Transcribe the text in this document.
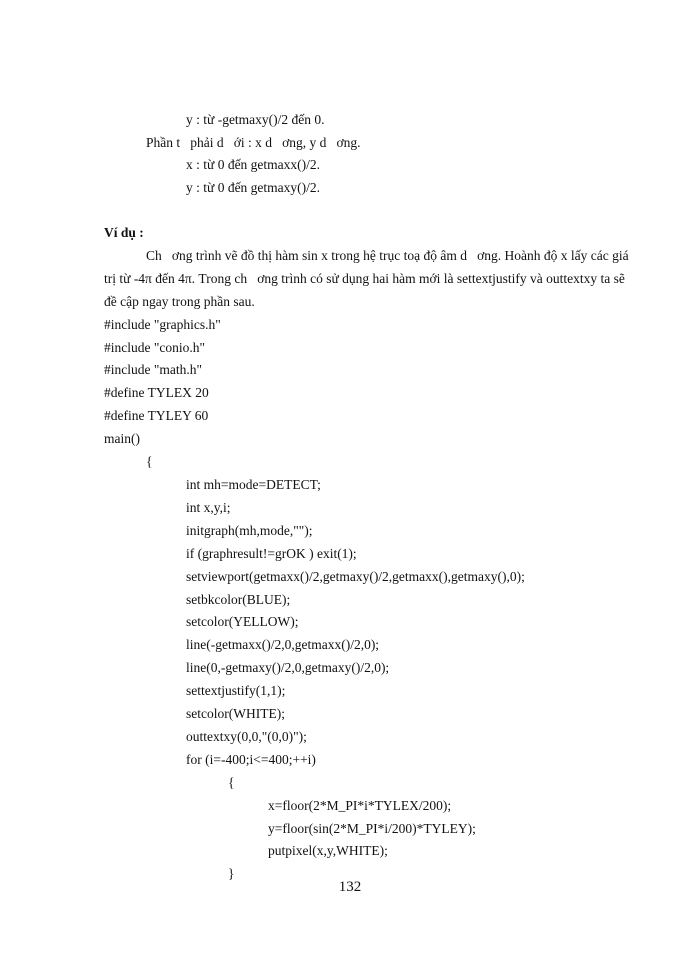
y : từ -getmaxy()/2 đến 0.
Phần t   phải d   ới : x d   ơng, y d   ơng.
x : từ 0 đến getmaxx()/2.
y : từ 0 đến getmaxy()/2.
Ví dụ :
Ch   ơng trình vẽ đồ thị hàm sin x trong hệ trục toạ độ âm d   ơng. Hoành độ x lấy các giá
trị từ -4π đến 4π. Trong ch   ơng trình có sử dụng hai hàm mới là settextjustify và outtextxy ta sẽ
đề cập ngay trong phần sau.
#include "graphics.h"
#include "conio.h"
#include "math.h"
#define TYLEX 20
#define TYLEY 60
main()
{
int mh=mode=DETECT;
int x,y,i;
initgraph(mh,mode,"");
if (graphresult!=grOK ) exit(1);
setviewport(getmaxx()/2,getmaxy()/2,getmaxx(),getmaxy(),0);
setbkcolor(BLUE);
setcolor(YELLOW);
line(-getmaxx()/2,0,getmaxx()/2,0);
line(0,-getmaxy()/2,0,getmaxy()/2,0);
settextjustify(1,1);
setcolor(WHITE);
outtextxy(0,0,"(0,0)");
for (i=-400;i<=400;++i)
{
x=floor(2*M_PI*i*TYLEX/200);
y=floor(sin(2*M_PI*i/200)*TYLEY);
putpixel(x,y,WHITE);
}
132
